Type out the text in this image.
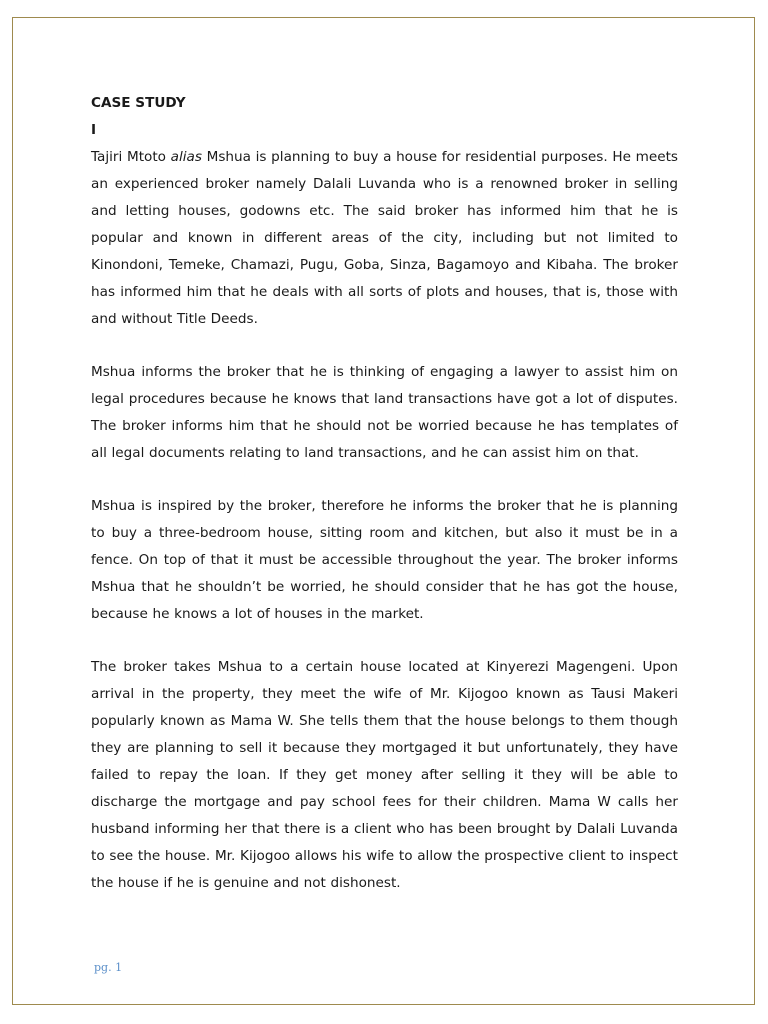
CASE STUDY

I

Tajiri Mtoto alias Mshua is planning to buy a house for residential purposes. He meets an experienced broker namely Dalali Luvanda who is a renowned broker in selling and letting houses, godowns etc. The said broker has informed him that he is popular and known in different areas of the city, including but not limited to Kinondoni, Temeke, Chamazi, Pugu, Goba, Sinza, Bagamoyo and Kibaha. The broker has informed him that he deals with all sorts of plots and houses, that is, those with and without Title Deeds.

Mshua informs the broker that he is thinking of engaging a lawyer to assist him on legal procedures because he knows that land transactions have got a lot of disputes. The broker informs him that he should not be worried because he has templates of all legal documents relating to land transactions, and he can assist him on that.

Mshua is inspired by the broker, therefore he informs the broker that he is planning to buy a three-bedroom house, sitting room and kitchen, but also it must be in a fence. On top of that it must be accessible throughout the year. The broker informs Mshua that he shouldn’t be worried, he should consider that he has got the house, because he knows a lot of houses in the market.

The broker takes Mshua to a certain house located at Kinyerezi Magengeni. Upon arrival in the property, they meet the wife of Mr. Kijogoo known as Tausi Makeri popularly known as Mama W. She tells them that the house belongs to them though they are planning to sell it because they mortgaged it but unfortunately, they have failed to repay the loan. If they get money after selling it they will be able to discharge the mortgage and pay school fees for their children. Mama W calls her husband informing her that there is a client who has been brought by Dalali Luvanda to see the house. Mr. Kijogoo allows his wife to allow the prospective client to inspect the house if he is genuine and not dishonest.

pg. 1
